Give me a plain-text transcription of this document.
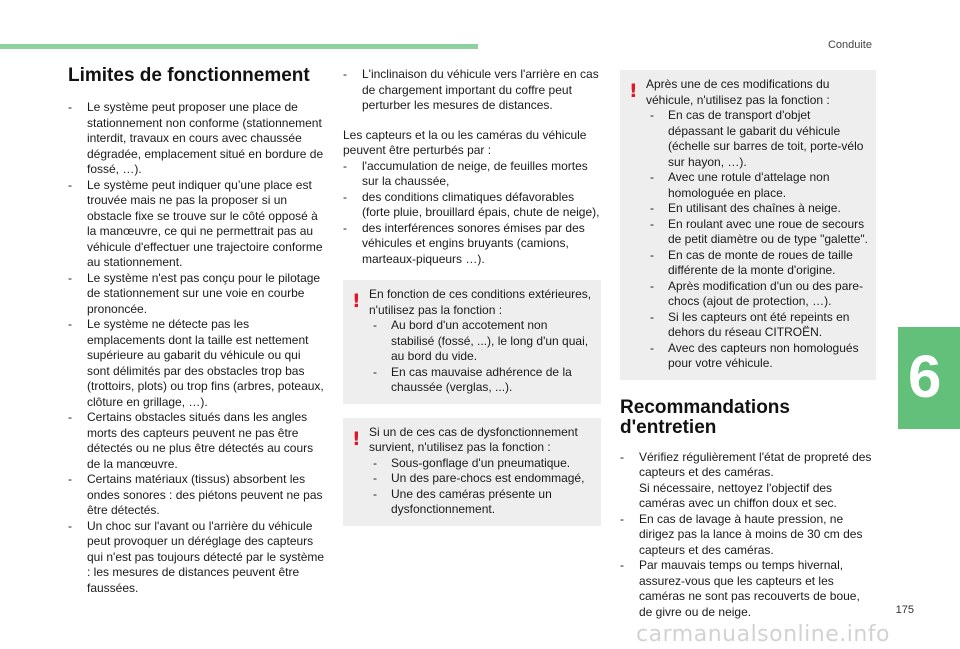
Conduite
6
Limites de fonctionnement
- Le système peut proposer une place de stationnement non conforme (stationnement interdit, travaux en cours avec chaussée dégradée, emplacement situé en bordure de fossé, …).
- Le système peut indiquer qu’une place est trouvée mais ne pas la proposer si un obstacle fixe se trouve sur le côté opposé à la manœuvre, ce qui ne permettrait pas au véhicule d'effectuer une trajectoire conforme au stationnement.
- Le système n'est pas conçu pour le pilotage de stationnement sur une voie en courbe prononcée.
- Le système ne détecte pas les emplacements dont la taille est nettement supérieure au gabarit du véhicule ou qui sont délimités par des obstacles trop bas (trottoirs, plots) ou trop fins (arbres, poteaux, clôture en grillage, …).
- Certains obstacles situés dans les angles morts des capteurs peuvent ne pas être détectés ou ne plus être détectés au cours de la manœuvre.
- Certains matériaux (tissus) absorbent les ondes sonores : des piétons peuvent ne pas être détectés.
- Un choc sur l'avant ou l'arrière du véhicule peut provoquer un déréglage des capteurs qui n'est pas toujours détecté par le système : les mesures de distances peuvent être faussées.
- L'inclinaison du véhicule vers l'arrière en cas de chargement important du coffre peut perturber les mesures de distances.

Les capteurs et la ou les caméras du véhicule peuvent être perturbés par :

- l'accumulation de neige, de feuilles mortes sur la chaussée,
- des conditions climatiques défavorables (forte pluie, brouillard épais, chute de neige),
- des interférences sonores émises par des véhicules et engins bruyants (camions, marteaux-piqueurs …).
! En fonction de ces conditions extérieures, n'utilisez pas la fonction :
- Au bord d'un accotement non stabilisé (fossé, ...), le long d'un quai, au bord du vide.
- En cas mauvaise adhérence de la chaussée (verglas, ...).
! Si un de ces cas de dysfonctionnement survient, n'utilisez pas la fonction :
- Sous-gonflage d'un pneumatique.
- Un des pare-chocs est endommagé,
- Une des caméras présente un dysfonctionnement.
! Après une de ces modifications du véhicule, n'utilisez pas la fonction :
- En cas de transport d'objet dépassant le gabarit du véhicule (échelle sur barres de toit, porte-vélo sur hayon, …).
- Avec une rotule d'attelage non homologuée en place.
- En utilisant des chaînes à neige.
- En roulant avec une roue de secours de petit diamètre ou de type "galette".
- En cas de monte de roues de taille différente de la monte d'origine.
- Après modification d'un ou des pare-chocs (ajout de protection, …).
- Si les capteurs ont été repeints en dehors du réseau CITROËN.
- Avec des capteurs non homologués pour votre véhicule.
Recommandations d'entretien
- Vérifiez régulièrement l'état de propreté des capteurs et des caméras.
Si nécessaire, nettoyez l'objectif des caméras avec un chiffon doux et sec.
- En cas de lavage à haute pression, ne dirigez pas la lance à moins de 30 cm des capteurs et des caméras.
- Par mauvais temps ou temps hivernal, assurez-vous que les capteurs et les caméras ne sont pas recouverts de boue, de givre ou de neige.	175
carmanualsonline.info
